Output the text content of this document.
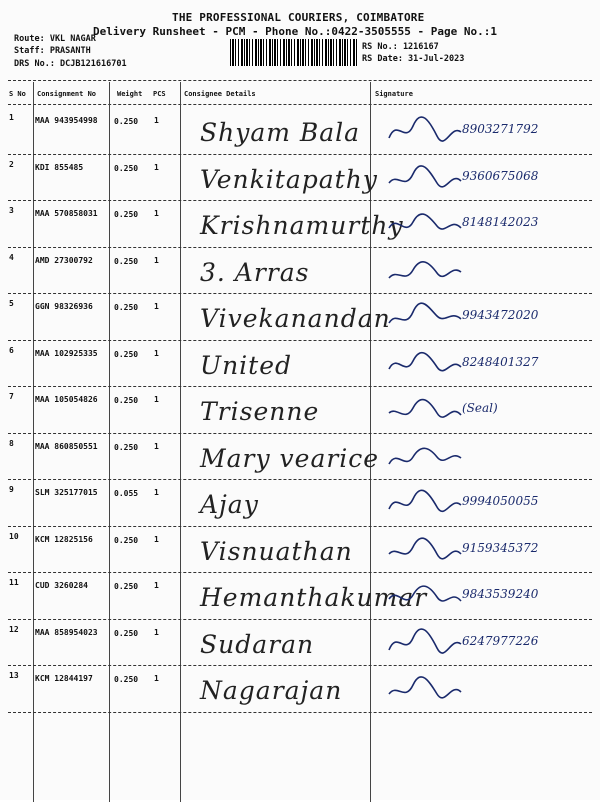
THE PROFESSIONAL COURIERS, COIMBATORE
Delivery Runsheet - PCM - Phone No.:0422-3505555 - Page No.:1
Route: VKL NAGAR
Staff: PRASANTH
DRS No.: DCJB121616701
RS No.: 1216167
RS Date: 31-Jul-2023
S No Consignment No	Weight PCS	Consignee Details	Signature
1	MAA 943954998 0.250 1 Shyam Bala	8903271792
2	KDI 855485	0.250 1 Venkitapathy	9360675068
3	MAA 570858031 0.250 1 Krishnamurthy	8148142023
4	AMD 27300792	0.250 1 3. Arras
5	GGN 98326936	0.250 1 Vivekanandan	9943472020
6	MAA 102925335 0.250 1 United	8248401327
7	MAA 105054826 0.250 1 Trisenne	(Seal)
8	MAA 860850551 0.250 1 Mary vearice
9	SLM 325177015 0.055 1 Ajay	9994050055
10 KCM 12825156	0.250 1 Visnuathan	9159345372
11 CUD 3260284	0.250 1 Hemanthakumar	9843539240
12 MAA 858954023 0.250 1 Sudaran	6247977226
13 KCM 12844197	0.250 1 Nagarajan
